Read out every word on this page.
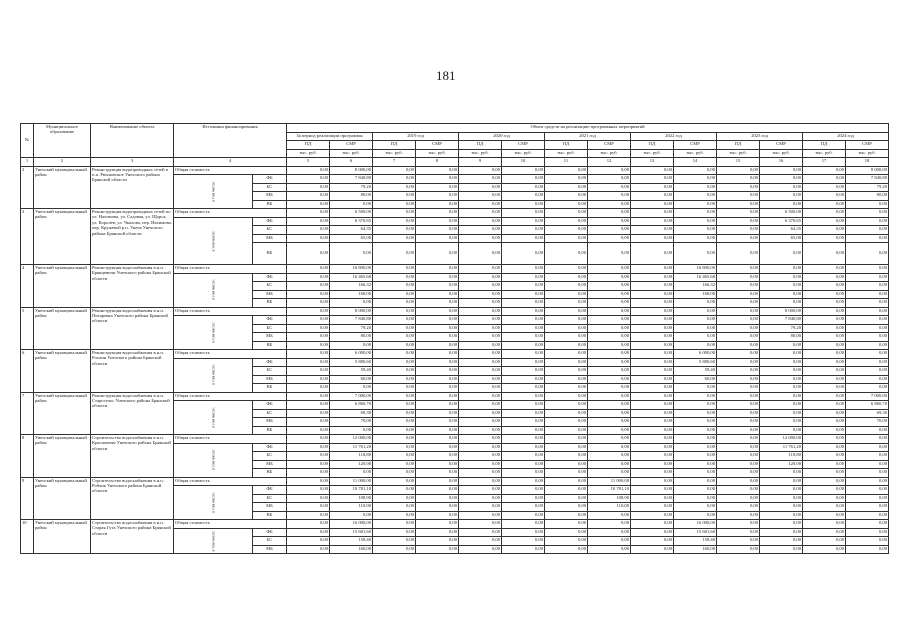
181
№	Муниципальное образование	Наименование объекта	Источники финансирования		Объем средств на реализацию программных мероприятий													
					За период реализации программы		2019 год		2020 год		2021 год		2022 год		2023 год		2024 год	
					ПД	СМР	ПД	СМР	ПД	СМР	ПД	СМР	ПД	СМР	ПД	СМР	ПД	СМР
					тыс. руб.	тыс. руб.	тыс. руб.	тыс. руб.	тыс. руб.	тыс. руб.	тыс. руб.	тыс. руб.	тыс. руб.	тыс. руб.	тыс. руб.	тыс. руб.	тыс. руб.	тыс. руб.
1	2	3	4		5	6	7	8	9	10	11	12	13	14	15	16	17	18
2	Унечский муниципальный район	Реконструкция водопроводных сетей в п.п. Рюхновское Унечского района Брянской области	Общая стоимость		0,00	8 000,00	0,00	0,00	0,00	0,00	0,00	0,00	0,00	0,00	0,00	0,00	0,00	8 000,00
			в том числе:	ФБ	0,00	7 840,80	0,00	0,00	0,00	0,00	0,00	0,00	0,00	0,00	0,00	0,00	0,00	7 840,80
				БС	0,00	79,20	0,00	0,00	0,00	0,00	0,00	0,00	0,00	0,00	0,00	0,00	0,00	79,20
				МБ	0,00	80,00	0,00	0,00	0,00	0,00	0,00	0,00	0,00	0,00	0,00	0,00	0,00	80,00
				ВБ	0,00	0,00	0,00	0,00	0,00	0,00	0,00	0,00	0,00	0,00	0,00	0,00	0,00	0,00
3	Унечский муниципальный район	Реконструкция водопроводных сетей по ул. Нахимова, ул. Садовая, ул. Щорса, ул. Королёв, ул. Чкалова, пер. Нахимова, пер. Кружевой р.п. Унеча Унечского района Брянской области	Общая стоимость		0,00	6 500,00	0,00	0,00	0,00	0,00	0,00	0,00	0,00	0,00	0,00	6 500,00	0,00	0,00
			в том числе:	ФБ	0,00	6 370,65	0,00	0,00	0,00	0,00	0,00	0,00	0,00	0,00	0,00	6 370,65	0,00	0,00
				БС	0,00	64,35	0,00	0,00	0,00	0,00	0,00	0,00	0,00	0,00	0,00	64,35	0,00	0,00
				МБ	0,00	65,00	0,00	0,00	0,00	0,00	0,00	0,00	0,00	0,00	0,00	65,00	0,00	0,00
				ВБ	0,00	0,00	0,00	0,00	0,00	0,00	0,00	0,00	0,00	0,00	0,00	0,00	0,00	0,00
4	Унечский муниципальный район	Реконструкция водоснабжения в н.п. Брянцевичи Унечского района Брянской области	Общая стоимость		0,00	16 800,00	0,00	0,00	0,00	0,00	0,00	0,00	0,00	16 800,00	0,00	0,00	0,00	0,00
			в том числе:	ФБ	0,00	16 465,68	0,00	0,00	0,00	0,00	0,00	0,00	0,00	16 465,68	0,00	0,00	0,00	0,00
				БС	0,00	166,32	0,00	0,00	0,00	0,00	0,00	0,00	0,00	166,32	0,00	0,00	0,00	0,00
				МБ	0,00	168,00	0,00	0,00	0,00	0,00	0,00	0,00	0,00	168,00	0,00	0,00	0,00	0,00
				ВБ	0,00	0,00	0,00	0,00	0,00	0,00	0,00	0,00	0,00	0,00	0,00	0,00	0,00	0,00
5	Унечский муниципальный район	Реконструкция водоснабжения в н.п. Писаревка Унечского района Брянской области	Общая стоимость		0,00	8 000,00	0,00	0,00	0,00	0,00	0,00	0,00	0,00	0,00	0,00	8 000,00	0,00	0,00
			в том числе:	ФБ	0,00	7 840,80	0,00	0,00	0,00	0,00	0,00	0,00	0,00	0,00	0,00	7 840,80	0,00	0,00
				БС	0,00	79,20	0,00	0,00	0,00	0,00	0,00	0,00	0,00	0,00	0,00	79,20	0,00	0,00
				МБ	0,00	80,00	0,00	0,00	0,00	0,00	0,00	0,00	0,00	0,00	0,00	80,00	0,00	0,00
				ВБ	0,00	0,00	0,00	0,00	0,00	0,00	0,00	0,00	0,00	0,00	0,00	0,00	0,00	0,00
6	Унечский муниципальный район	Реконструкция водоснабжения в н.п. Рохлин Унечского района Брянской области	Общая стоимость		0,00	6 000,00	0,00	0,00	0,00	0,00	0,00	0,00	0,00	6 000,00	0,00	0,00	0,00	0,00
			в том числе:	ФБ	0,00	5 880,60	0,00	0,00	0,00	0,00	0,00	0,00	0,00	5 880,60	0,00	0,00	0,00	0,00
				БС	0,00	59,40	0,00	0,00	0,00	0,00	0,00	0,00	0,00	59,40	0,00	0,00	0,00	0,00
				МБ	0,00	60,00	0,00	0,00	0,00	0,00	0,00	0,00	0,00	60,00	0,00	0,00	0,00	0,00
				ВБ	0,00	0,00	0,00	0,00	0,00	0,00	0,00	0,00	0,00	0,00	0,00	0,00	0,00	0,00
7	Унечский муниципальный район	Реконструкция водоснабжения в н.п. Старосельс Унечского района Брянской области	Общая стоимость		0,00	7 000,00	0,00	0,00	0,00	0,00	0,00	0,00	0,00	0,00	0,00	0,00	0,00	7 000,00
			в том числе:	ФБ	0,00	6 860,70	0,00	0,00	0,00	0,00	0,00	0,00	0,00	0,00	0,00	0,00	0,00	6 860,70
				БС	0,00	69,30	0,00	0,00	0,00	0,00	0,00	0,00	0,00	0,00	0,00	0,00	0,00	69,30
				МБ	0,00	70,00	0,00	0,00	0,00	0,00	0,00	0,00	0,00	0,00	0,00	0,00	0,00	70,00
				ВБ	0,00	0,00	0,00	0,00	0,00	0,00	0,00	0,00	0,00	0,00	0,00	0,00	0,00	0,00
8	Унечский муниципальный район	Строительство водоснабжения в н.п. Красновичи Унечского района Брянской области	Общая стоимость		0,00	12 000,00	0,00	0,00	0,00	0,00	0,00	0,00	0,00	0,00	0,00	12 000,00	0,00	0,00
			в том числе:	ФБ	0,00	11 761,20	0,00	0,00	0,00	0,00	0,00	0,00	0,00	0,00	0,00	11 761,20	0,00	0,00
				БС	0,00	118,80	0,00	0,00	0,00	0,00	0,00	0,00	0,00	0,00	0,00	118,80	0,00	0,00
				МБ	0,00	120,00	0,00	0,00	0,00	0,00	0,00	0,00	0,00	0,00	0,00	120,00	0,00	0,00
				ВБ	0,00	0,00	0,00	0,00	0,00	0,00	0,00	0,00	0,00	0,00	0,00	0,00	0,00	0,00
9	Унечский муниципальный район	Строительство водоснабжения в н.п. Робчик Унечского района Брянской области	Общая стоимость		0,00	11 000,00	0,00	0,00	0,00	0,00	0,00	11 000,00	0,00	0,00	0,00	0,00	0,00	0,00
			в том числе:	ФБ	0,00	10 781,10	0,00	0,00	0,00	0,00	0,00	10 781,10	0,00	0,00	0,00	0,00	0,00	0,00
				БС	0,00	108,90	0,00	0,00	0,00	0,00	0,00	108,90	0,00	0,00	0,00	0,00	0,00	0,00
				МБ	0,00	110,00	0,00	0,00	0,00	0,00	0,00	110,00	0,00	0,00	0,00	0,00	0,00	0,00
				ВБ	0,00	0,00	0,00	0,00	0,00	0,00	0,00	0,00	0,00	0,00	0,00	0,00	0,00	0,00
10	Унечский муниципальный район	Строительство водоснабжения в н.п. Старая Гута Унечского района Брянской области	Общая стоимость		0,00	16 000,00	0,00	0,00	0,00	0,00	0,00	0,00	0,00	16 000,00	0,00	0,00	0,00	0,00
			в том числе:	ФБ	0,00	15 681,60	0,00	0,00	0,00	0,00	0,00	0,00	0,00	15 681,60	0,00	0,00	0,00	0,00
				БС	0,00	158,40	0,00	0,00	0,00	0,00	0,00	0,00	0,00	158,40	0,00	0,00	0,00	0,00
				МБ	0,00	160,00	0,00	0,00	0,00	0,00	0,00	0,00	0,00	160,00	0,00	0,00	0,00	0,00
